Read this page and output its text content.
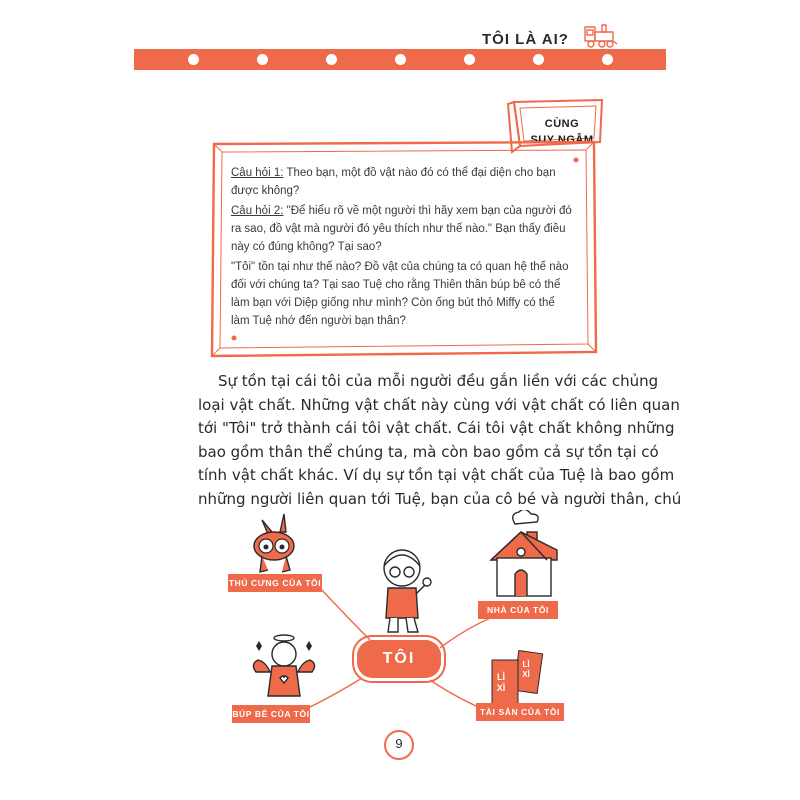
TÔI LÀ AI?
CÙNG
SUY NGẪM

Câu hỏi 1: Theo bạn, một đồ vật nào đó có thể đại diện cho bạn được không?

Câu hỏi 2: "Để hiểu rõ về một người thì hãy xem bạn của người đó ra sao, đồ vật mà người đó yêu thích như thế nào." Bạn thấy điều này có đúng không? Tại sao?

"Tôi" tồn tại như thế nào? Đồ vật của chúng ta có quan hệ thế nào đối với chúng ta? Tại sao Tuệ cho rằng Thiên thần búp bê có thể làm bạn với Diệp giống như mình? Còn ống bút thỏ Miffy có thể làm Tuệ nhớ đến người bạn thân?

Sự tồn tại cái tôi của mỗi người đều gắn liền với các chủng
loại vật chất. Những vật chất này cùng với vật chất có liên quan
tới "Tôi" trở thành cái tôi vật chất. Cái tôi vật chất không những
bao gồm thân thể chúng ta, mà còn bao gồm cả sự tồn tại có
tính vật chất khác. Ví dụ sự tồn tại vật chất của Tuệ là bao gồm
những người liên quan tới Tuệ, bạn của cô bé và người thân, chú
THÚ CƯNG CỦA TÔI
NHÀ CỦA TÔI
TÔI
BÚP BÊ CỦA TÔI
LÌ XÌ
LÌ XÌ
TÀI SẢN CỦA TÔI
9
